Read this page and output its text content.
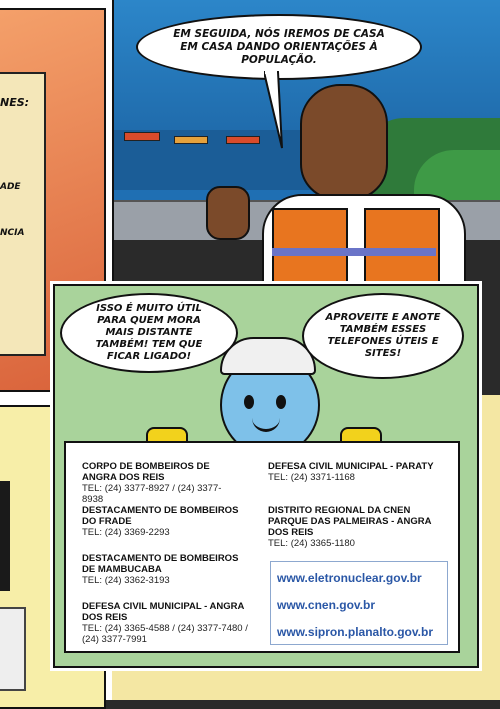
NES:
ADE
NCIA
EM SEGUIDA, NÓS IREMOS DE CASA EM CASA DANDO ORIENTAÇÕES À POPULAÇÃO.
ISSO É MUITO ÚTIL PARA QUEM MORA MAIS DISTANTE TAMBÉM! TEM QUE FICAR LIGADO!
APROVEITE E ANOTE TAMBÉM ESSES TELEFONES ÚTEIS E SITES!
CORPO DE BOMBEIROS DE ANGRA DOS REIS
TEL: (24) 3377-8927 / (24) 3377-8938
DESTACAMENTO DE BOMBEIROS DO FRADE
TEL: (24) 3369-2293
DESTACAMENTO DE BOMBEIROS DE MAMBUCABA
TEL: (24) 3362-3193
DEFESA CIVIL MUNICIPAL - ANGRA DOS REIS
TEL: (24) 3365-4588 / (24) 3377-7480 / (24) 3377-7991
DEFESA CIVIL MUNICIPAL - PARATY
TEL: (24) 3371-1168
DISTRITO REGIONAL DA CNEN PARQUE DAS PALMEIRAS - ANGRA DOS REIS
TEL: (24) 3365-1180
www.eletronuclear.gov.br
www.cnen.gov.br
www.sipron.planalto.gov.br
